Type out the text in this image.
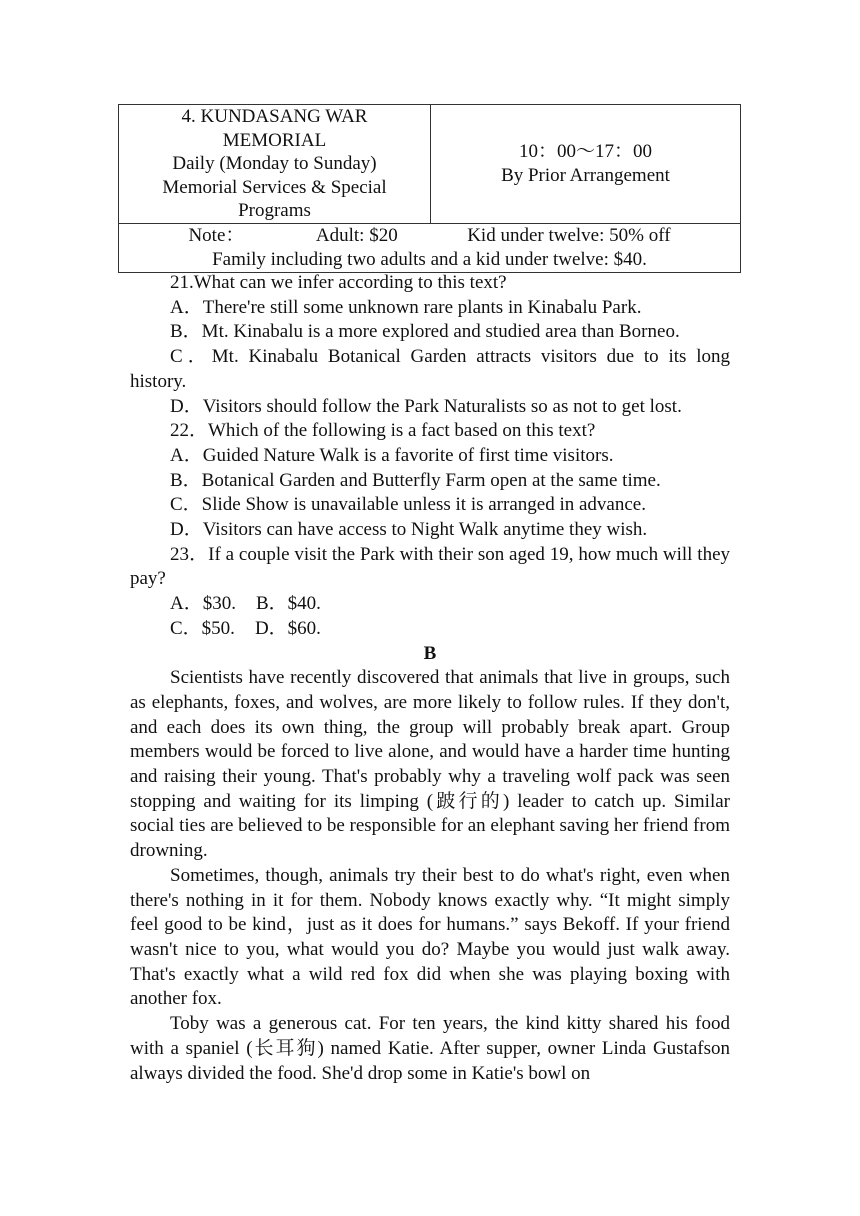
4. KUNDASANG WAR
MEMORIAL
Daily (Monday to Sunday)
Memorial Services & Special
Programs

10：00～17：00
By Prior Arrangement

Note：	Adult: $20	Kid under twelve: 50% off
Family including two adults and a kid under twelve: $40.

21.What can we infer according to this text?

A．There're still some unknown rare plants in Kinabalu Park.

B．Mt. Kinabalu is a more explored and studied area than Borneo.

C．Mt. Kinabalu Botanical Garden attracts visitors due to its long history.

D．Visitors should follow the Park Naturalists so as not to get lost.

22．Which of the following is a fact based on this text?

A．Guided Nature Walk is a favorite of first time visitors.

B．Botanical Garden and Butterfly Farm open at the same time.

C．Slide Show is unavailable unless it is arranged in advance.

D．Visitors can have access to Night Walk anytime they wish.

23．If a couple visit the Park with their son aged 19, how much will they pay?

A．$30. B．$40.

C．$50. D．$60.

B

Scientists have recently discovered that animals that live in groups, such as elephants, foxes, and wolves, are more likely to follow rules. If they don't, and each does its own thing, the group will probably break apart. Group members would be forced to live alone, and would have a harder time hunting and raising their young. That's probably why a traveling wolf pack was seen stopping and waiting for its limping (跛行的) leader to catch up. Similar social ties are believed to be responsible for an elephant saving her friend from drowning.

Sometimes, though, animals try their best to do what's right, even when there's nothing in it for them. Nobody knows exactly why. “It might simply feel good to be kind，just as it does for humans.” says Bekoff. If your friend wasn't nice to you, what would you do? Maybe you would just walk away. That's exactly what a wild red fox did when she was playing boxing with another fox.

Toby was a generous cat. For ten years, the kind kitty shared his food with a spaniel (长耳狗) named Katie. After supper, owner Linda Gustafson always divided the food. She'd drop some in Katie's bowl on
